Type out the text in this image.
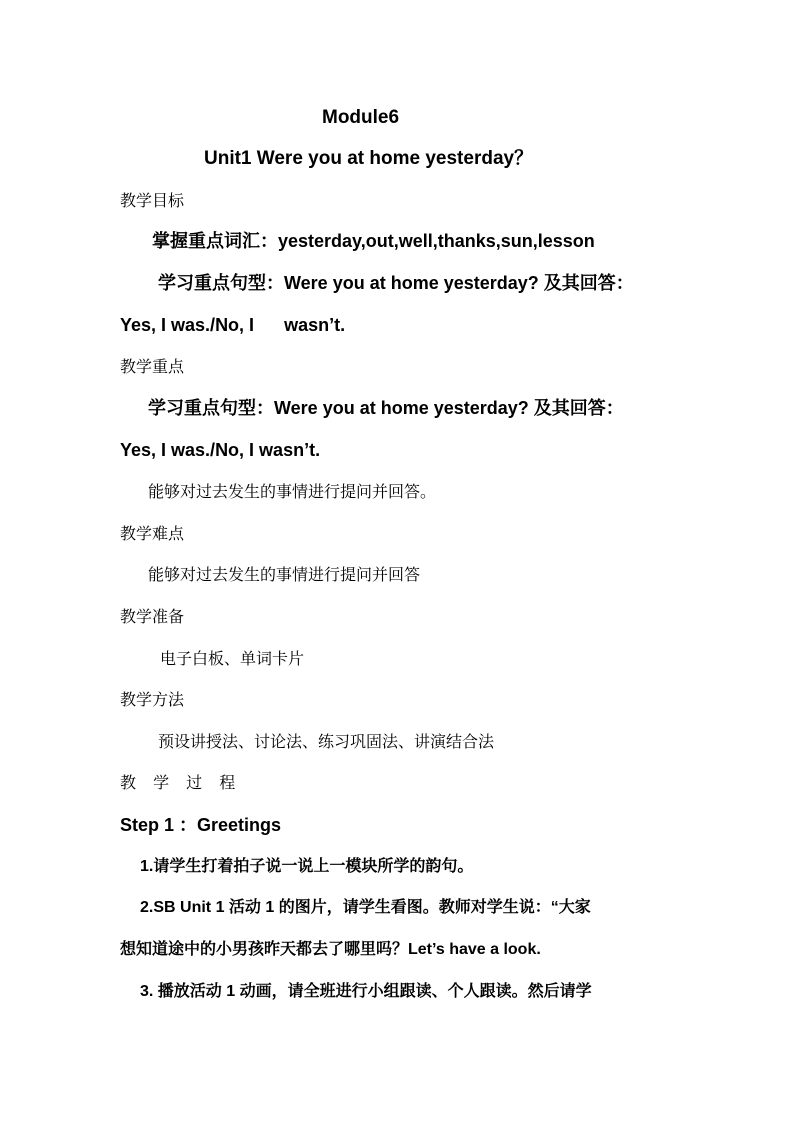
Module6
Unit1 Were you at home yesterday？
教学目标
掌握重点词汇：yesterday,out,well,thanks,sun,lesson
学习重点句型：Were you at home yesterday? 及其回答：
Yes, I was./No, I      wasn’t.
教学重点
学习重点句型：Were you at home yesterday? 及其回答：
Yes, I was./No, I wasn’t.
能够对过去发生的事情进行提问并回答。
教学难点
能够对过去发生的事情进行提问并回答
教学准备
电子白板、单词卡片
教学方法
预设讲授法、讨论法、练习巩固法、讲演结合法
教 学 过 程
Step 1 ：Greetings
1.请学生打着拍子说一说上一模块所学的韵句。
2.SB Unit 1 活动 1 的图片，请学生看图。教师对学生说：“大家
想知道途中的小男孩昨天都去了哪里吗？Let’s have a look.
3. 播放活动 1 动画，请全班进行小组跟读、个人跟读。然后请学
